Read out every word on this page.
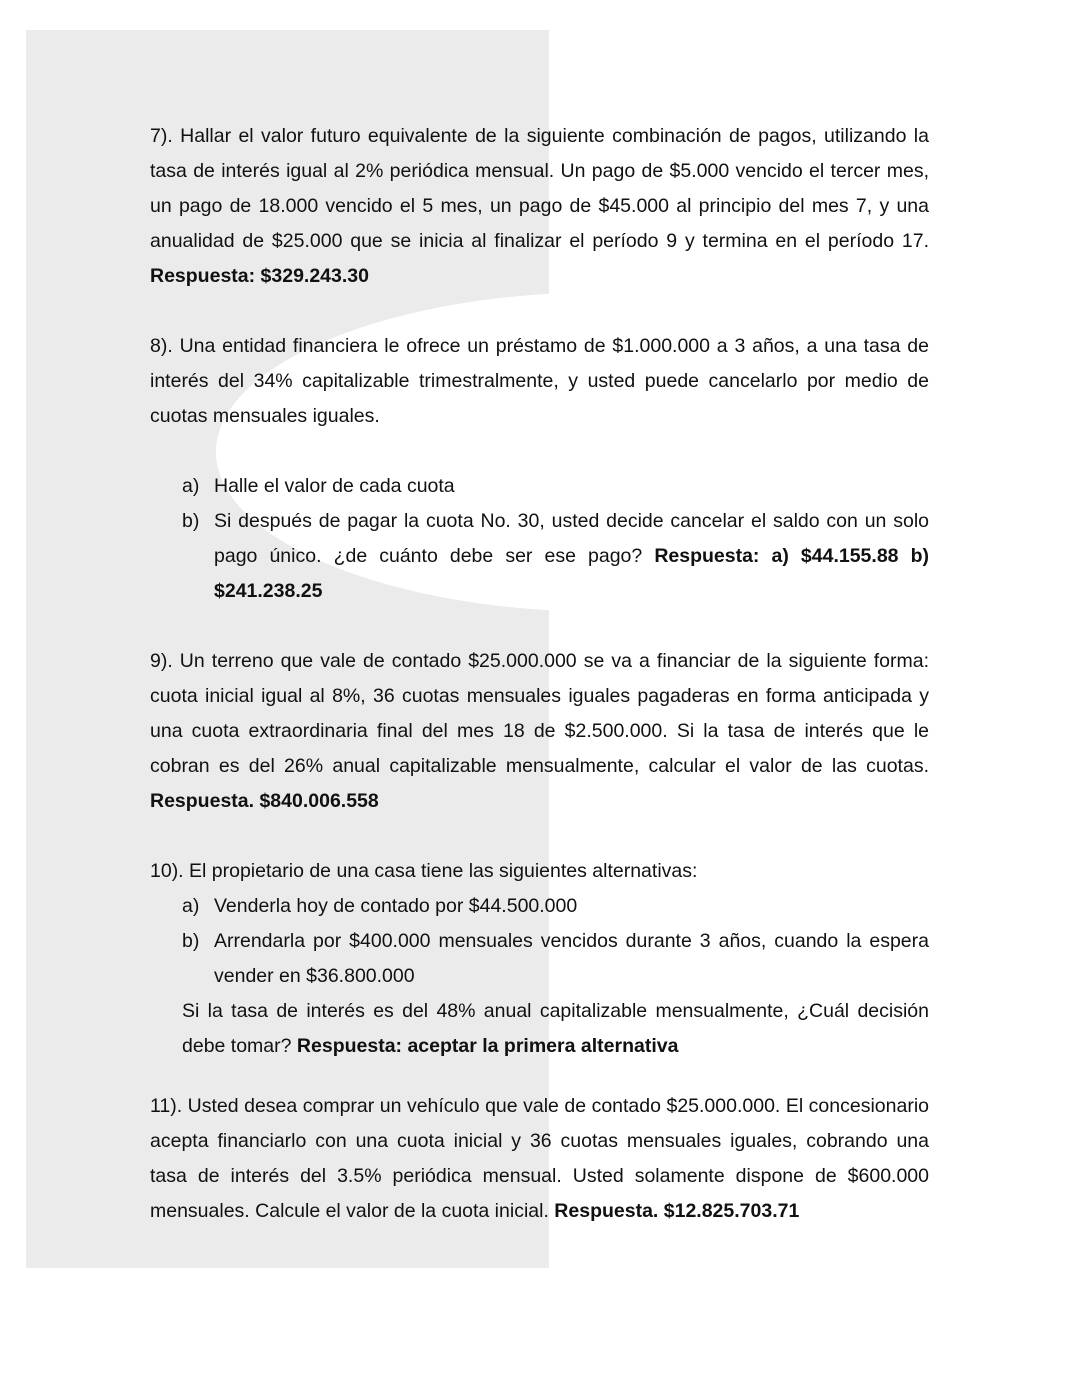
7). Hallar el valor futuro equivalente de la siguiente combinación de pagos, utilizando la tasa de interés igual al 2% periódica mensual. Un pago de $5.000 vencido el tercer mes, un pago de 18.000 vencido el 5 mes, un pago de $45.000 al principio del mes 7, y una anualidad de $25.000 que se inicia al finalizar el período 9 y termina en el período 17. Respuesta: $329.243.30

8). Una entidad financiera le ofrece un préstamo de $1.000.000 a 3 años, a una tasa de interés del 34% capitalizable trimestralmente, y usted puede cancelarlo por medio de cuotas mensuales iguales.

a) Halle el valor de cada cuota
b) Si después de pagar la cuota No. 30, usted decide cancelar el saldo con un solo pago único. ¿de cuánto debe ser ese pago? Respuesta: a) $44.155.88 b) $241.238.25

9). Un terreno que vale de contado $25.000.000 se va a financiar de la siguiente forma: cuota inicial igual al 8%, 36 cuotas mensuales iguales pagaderas en forma anticipada y una cuota extraordinaria final del mes 18 de $2.500.000. Si la tasa de interés que le cobran es del 26% anual capitalizable mensualmente, calcular el valor de las cuotas. Respuesta. $840.006.558

10). El propietario de una casa tiene las siguientes alternativas:

a) Venderla hoy de contado por $44.500.000
b) Arrendarla por $400.000 mensuales vencidos durante 3 años, cuando la espera vender en $36.800.000

Si la tasa de interés es del 48% anual capitalizable mensualmente, ¿Cuál decisión debe tomar? Respuesta: aceptar la primera alternativa

11). Usted desea comprar un vehículo que vale de contado $25.000.000. El concesionario acepta financiarlo con una cuota inicial y 36 cuotas mensuales iguales, cobrando una tasa de interés del 3.5% periódica mensual. Usted solamente dispone de $600.000 mensuales. Calcule el valor de la cuota inicial. Respuesta. $12.825.703.71
